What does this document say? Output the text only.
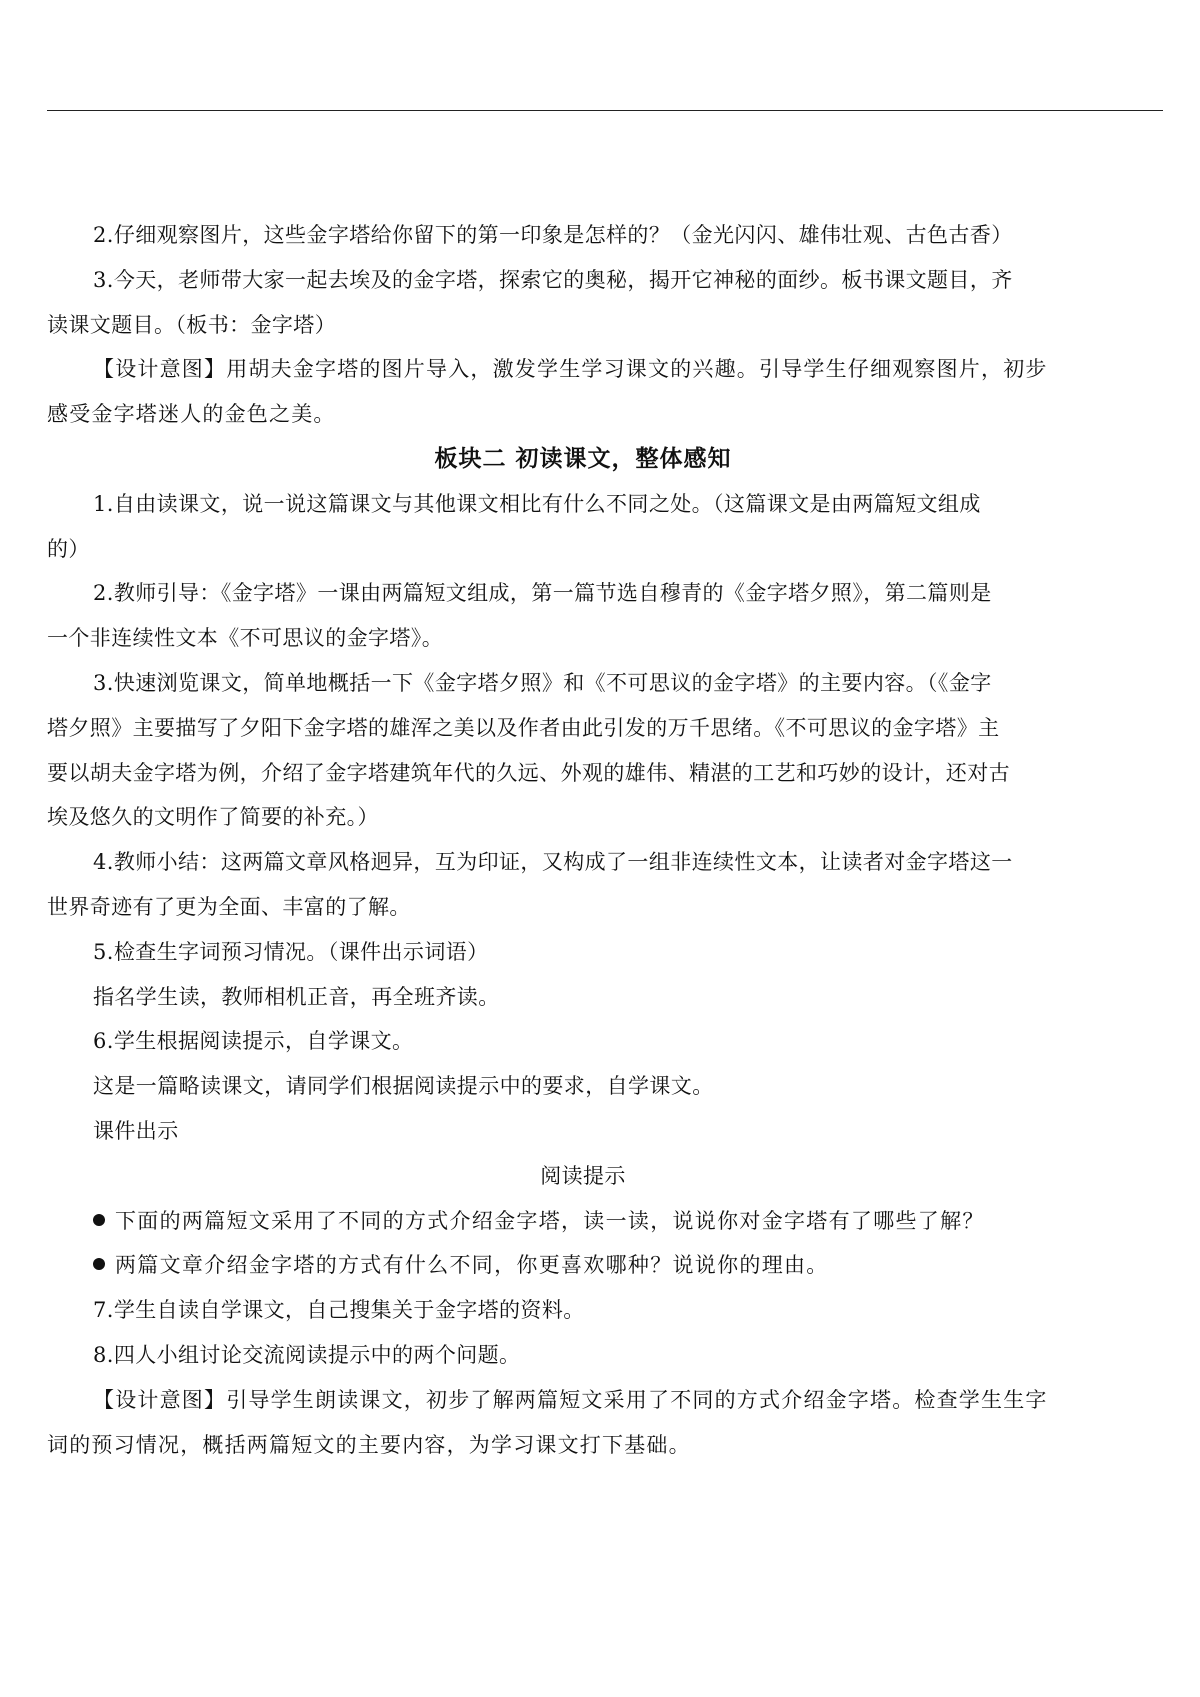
2.仔细观察图片，这些金字塔给你留下的第一印象是怎样的？（金光闪闪、雄伟壮观、古色古香）
3.今天，老师带大家一起去埃及的金字塔，探索它的奥秘，揭开它神秘的面纱。板书课文题目，齐
读课文题目。（板书：金字塔）
【设计意图】用胡夫金字塔的图片导入，激发学生学习课文的兴趣。引导学生仔细观察图片，初步
感受金字塔迷人的金色之美。
板块二 初读课文，整体感知
1.自由读课文，说一说这篇课文与其他课文相比有什么不同之处。（这篇课文是由两篇短文组成
的）
2.教师引导：《金字塔》一课由两篇短文组成，第一篇节选自穆青的《金字塔夕照》，第二篇则是
一个非连续性文本《不可思议的金字塔》。
3.快速浏览课文，简单地概括一下《金字塔夕照》和《不可思议的金字塔》的主要内容。（《金字
塔夕照》主要描写了夕阳下金字塔的雄浑之美以及作者由此引发的万千思绪。《不可思议的金字塔》主
要以胡夫金字塔为例，介绍了金字塔建筑年代的久远、外观的雄伟、精湛的工艺和巧妙的设计，还对古
埃及悠久的文明作了简要的补充。）
4.教师小结：这两篇文章风格迥异，互为印证，又构成了一组非连续性文本，让读者对金字塔这一
世界奇迹有了更为全面、丰富的了解。
5.检查生字词预习情况。（课件出示词语）
指名学生读，教师相机正音，再全班齐读。
6.学生根据阅读提示，自学课文。
这是一篇略读课文，请同学们根据阅读提示中的要求，自学课文。
课件出示
阅读提示
下面的两篇短文采用了不同的方式介绍金字塔，读一读，说说你对金字塔有了哪些了解？
两篇文章介绍金字塔的方式有什么不同，你更喜欢哪种？说说你的理由。
7.学生自读自学课文，自己搜集关于金字塔的资料。
8.四人小组讨论交流阅读提示中的两个问题。
【设计意图】引导学生朗读课文，初步了解两篇短文采用了不同的方式介绍金字塔。检查学生生字
词的预习情况，概括两篇短文的主要内容，为学习课文打下基础。
